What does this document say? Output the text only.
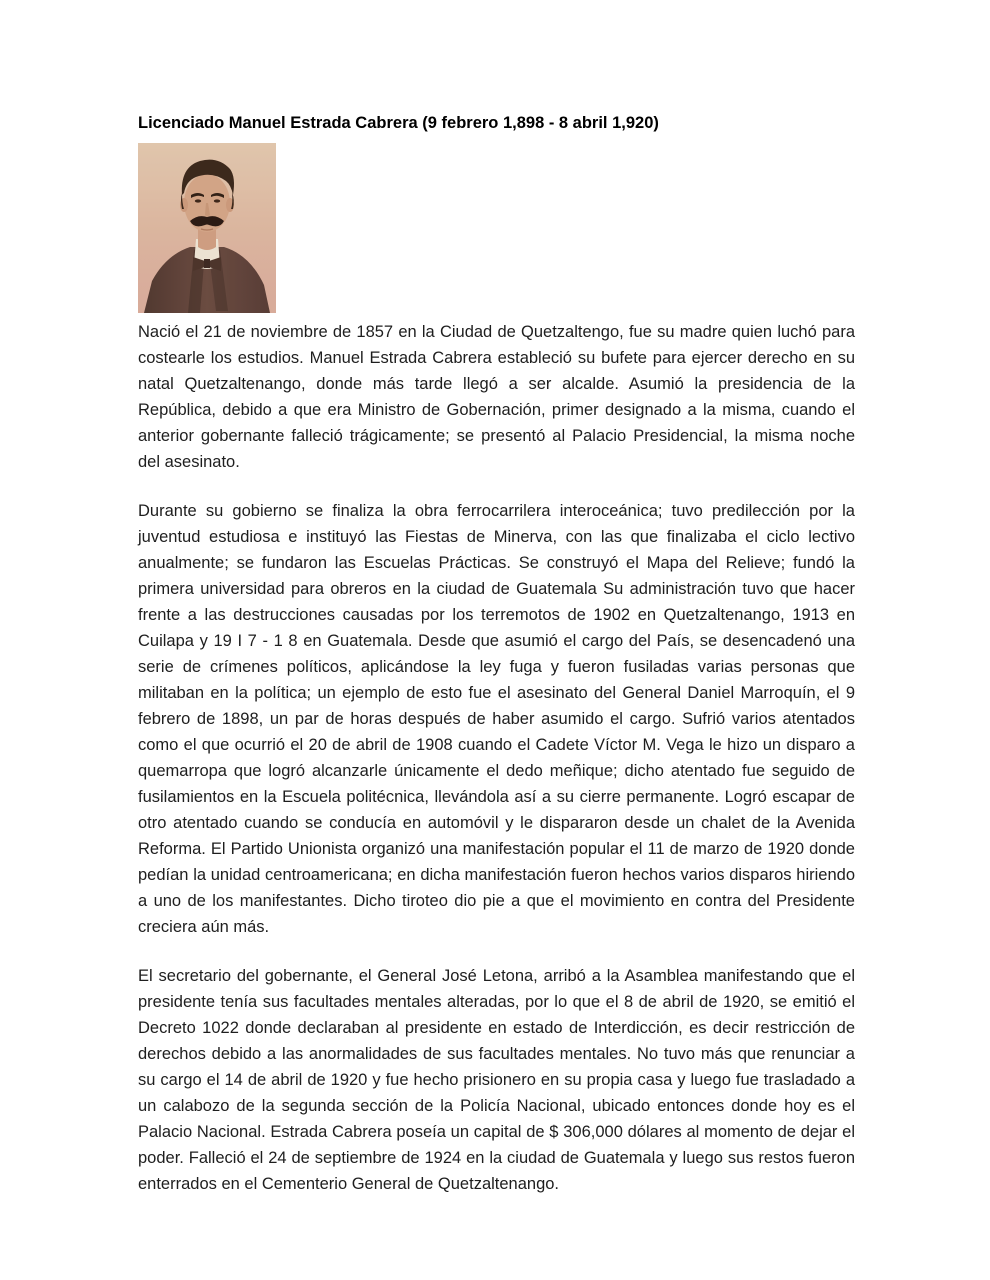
Licenciado Manuel Estrada Cabrera (9 febrero 1,898 - 8 abril 1,920)

Nació el 21 de noviembre de 1857 en la Ciudad de Quetzaltengo, fue su madre quien luchó para costearle los estudios. Manuel Estrada Cabrera estableció su bufete para ejercer derecho en su natal Quetzaltenango, donde más tarde llegó a ser alcalde. Asumió la presidencia de la República, debido a que era Ministro de Gobernación, primer designado a la misma, cuando el anterior gobernante falleció trágicamente; se presentó al Palacio Presidencial, la misma noche del asesinato.

Durante su gobierno se finaliza la obra ferrocarrilera interoceánica; tuvo predilección por la juventud estudiosa e instituyó las Fiestas de Minerva, con las que finalizaba el ciclo lectivo anualmente; se fundaron las Escuelas Prácticas. Se construyó el Mapa del Relieve; fundó la primera universidad para obreros en la ciudad de Guatemala Su administración tuvo que hacer frente a las destrucciones causadas por los terremotos de 1902 en Quetzaltenango, 1913 en Cuilapa y 19 I 7 - 1 8 en Guatemala. Desde que asumió el cargo del País, se desencadenó una serie de crímenes políticos, aplicándose la ley fuga y fueron fusiladas varias personas que militaban en la política; un ejemplo de esto fue el asesinato del General Daniel Marroquín, el 9 febrero de 1898, un par de horas después de haber asumido el cargo. Sufrió varios atentados como el que ocurrió el 20 de abril de 1908 cuando el Cadete Víctor M. Vega le hizo un disparo a quemarropa que logró alcanzarle únicamente el dedo meñique; dicho atentado fue seguido de fusilamientos en la Escuela politécnica, llevándola así a su cierre permanente. Logró escapar de otro atentado cuando se conducía en automóvil y le dispararon desde un chalet de la Avenida Reforma. El Partido Unionista organizó una manifestación popular el 11 de marzo de 1920 donde pedían la unidad centroamericana; en dicha manifestación fueron hechos varios disparos hiriendo a uno de los manifestantes. Dicho tiroteo dio pie a que el movimiento en contra del Presidente creciera aún más.

El secretario del gobernante, el General José Letona, arribó a la Asamblea manifestando que el presidente tenía sus facultades mentales alteradas, por lo que el 8 de abril de 1920, se emitió el Decreto 1022 donde declaraban al presidente en estado de Interdicción, es decir restricción de derechos debido a las anormalidades de sus facultades mentales. No tuvo más que renunciar a su cargo el 14 de abril de 1920 y fue hecho prisionero en su propia casa y luego fue trasladado a un calabozo de la segunda sección de la Policía Nacional, ubicado entonces donde hoy es el Palacio Nacional. Estrada Cabrera poseía un capital de $ 306,000 dólares al momento de dejar el poder. Falleció el 24 de septiembre de 1924 en la ciudad de Guatemala y luego sus restos fueron enterrados en el Cementerio General de Quetzaltenango.
